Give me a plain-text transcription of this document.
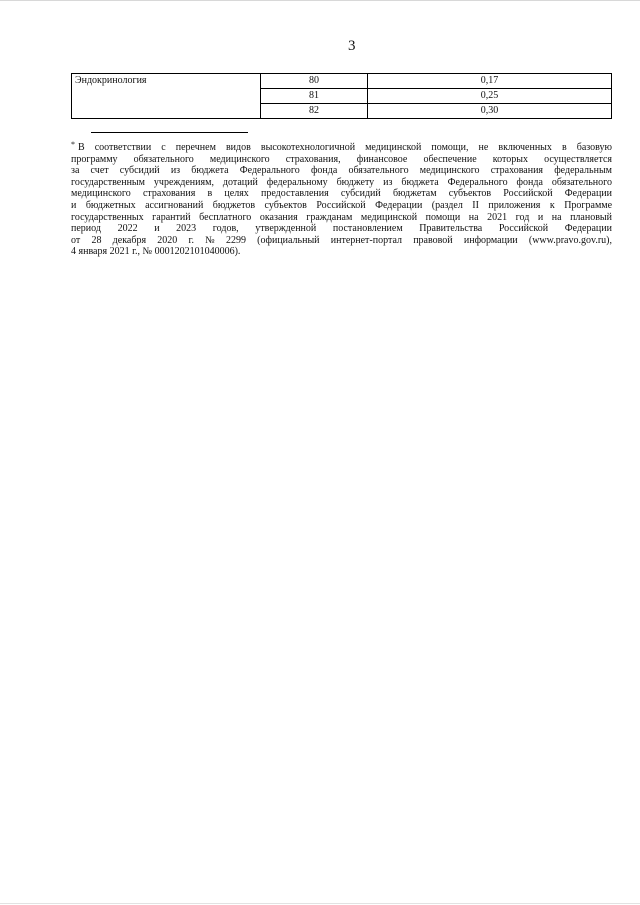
3
Эндокринология	80	0,17
	81	0,25
	82	0,30
* В соответствии с перечнем видов высокотехнологичной медицинской помощи, не включенных в базовую
программу обязательного медицинского страхования, финансовое обеспечение которых осуществляется
за счет субсидий из бюджета Федерального фонда обязательного медицинского страхования федеральным
государственным учреждениям, дотаций федеральному бюджету из бюджета Федерального фонда обязательного
медицинского страхования в целях предоставления субсидий бюджетам субъектов Российской Федерации
и бюджетных ассигнований бюджетов субъектов Российской Федерации (раздел II приложения к Программе
государственных гарантий бесплатного оказания гражданам медицинской помощи на 2021 год и на плановый
период 2022 и 2023 годов, утвержденной постановлением Правительства Российской Федерации
от 28 декабря 2020 г. № 2299 (официальный интернет-портал правовой информации (www.pravo.gov.ru),
4 января 2021 г., № 0001202101040006).
